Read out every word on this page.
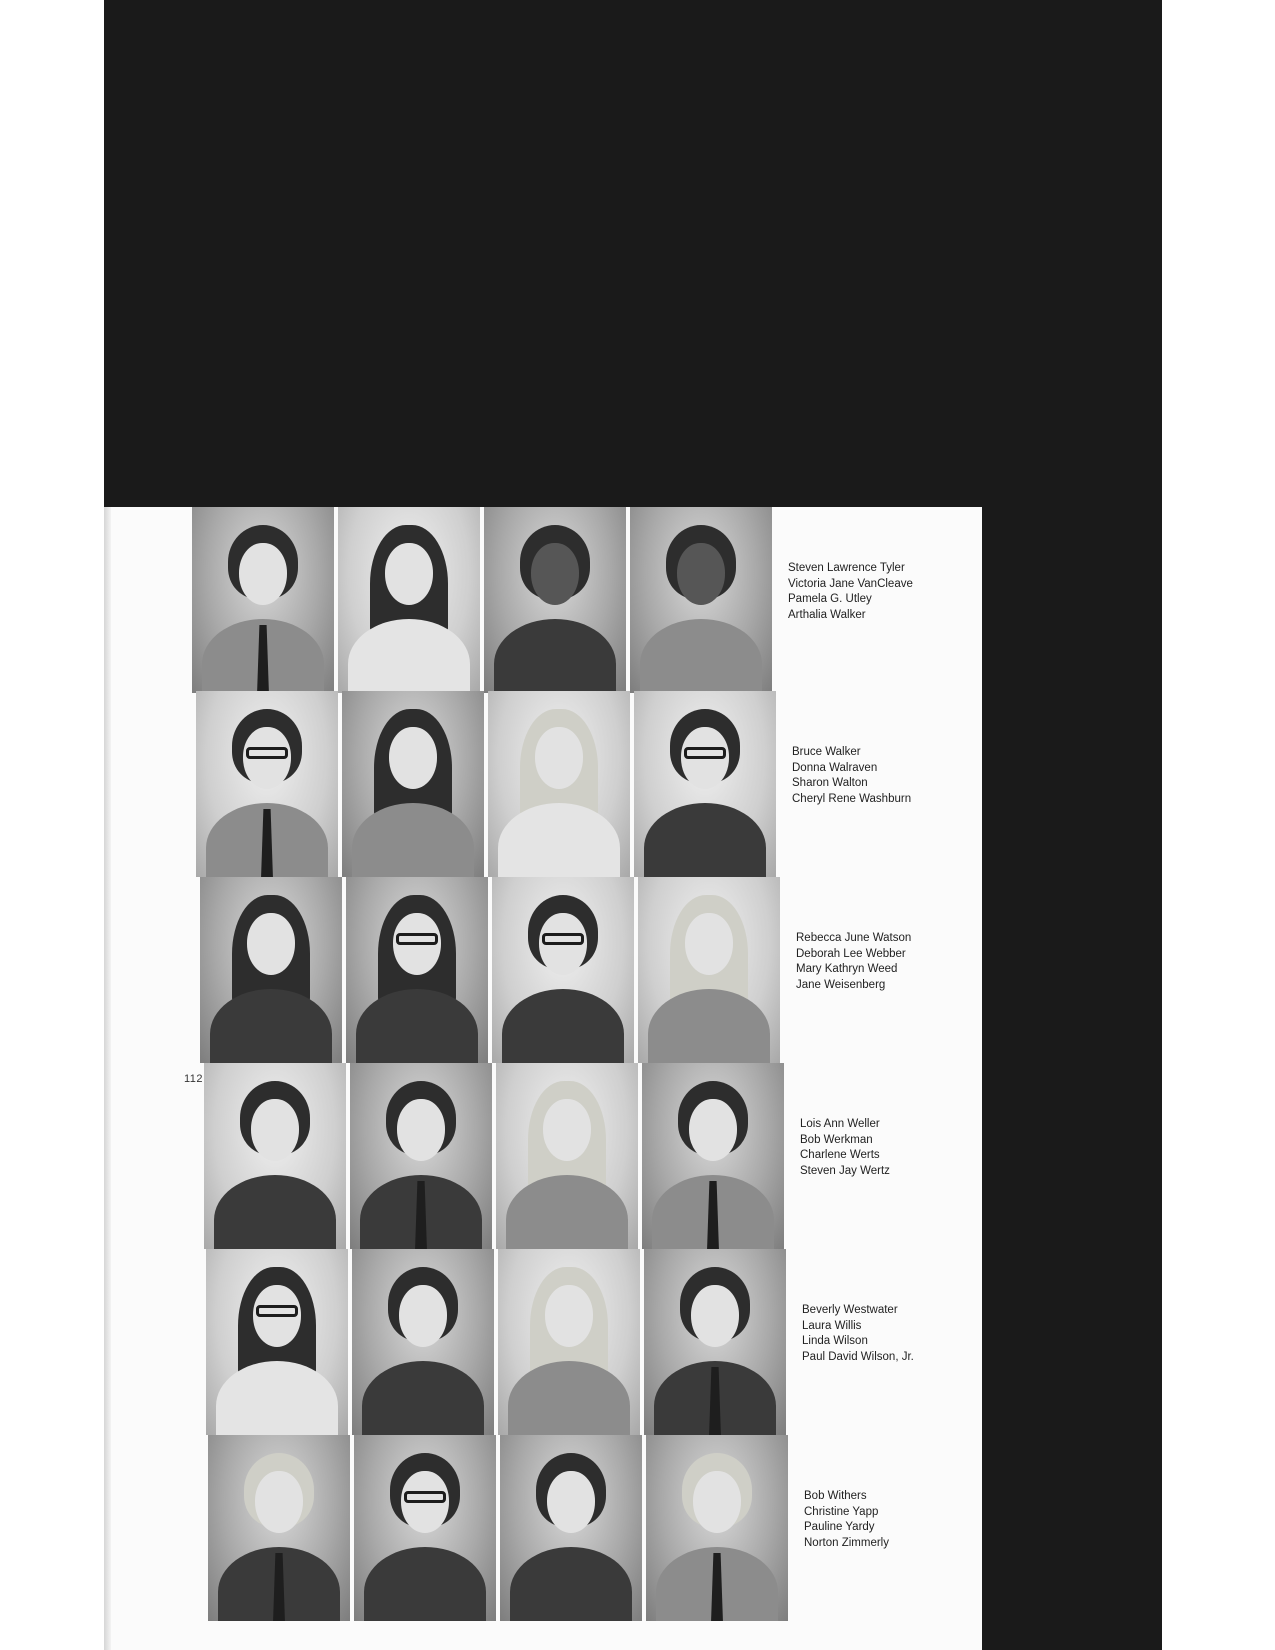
112
Steven Lawrence Tyler
Victoria Jane VanCleave
Pamela G. Utley
Arthalia Walker
Bruce Walker
Donna Walraven
Sharon Walton
Cheryl Rene Washburn
Rebecca June Watson
Deborah Lee Webber
Mary Kathryn Weed
Jane Weisenberg
Lois Ann Weller
Bob Werkman
Charlene Werts
Steven Jay Wertz
Beverly Westwater
Laura Willis
Linda Wilson
Paul David Wilson, Jr.
Bob Withers
Christine Yapp
Pauline Yardy
Norton Zimmerly
